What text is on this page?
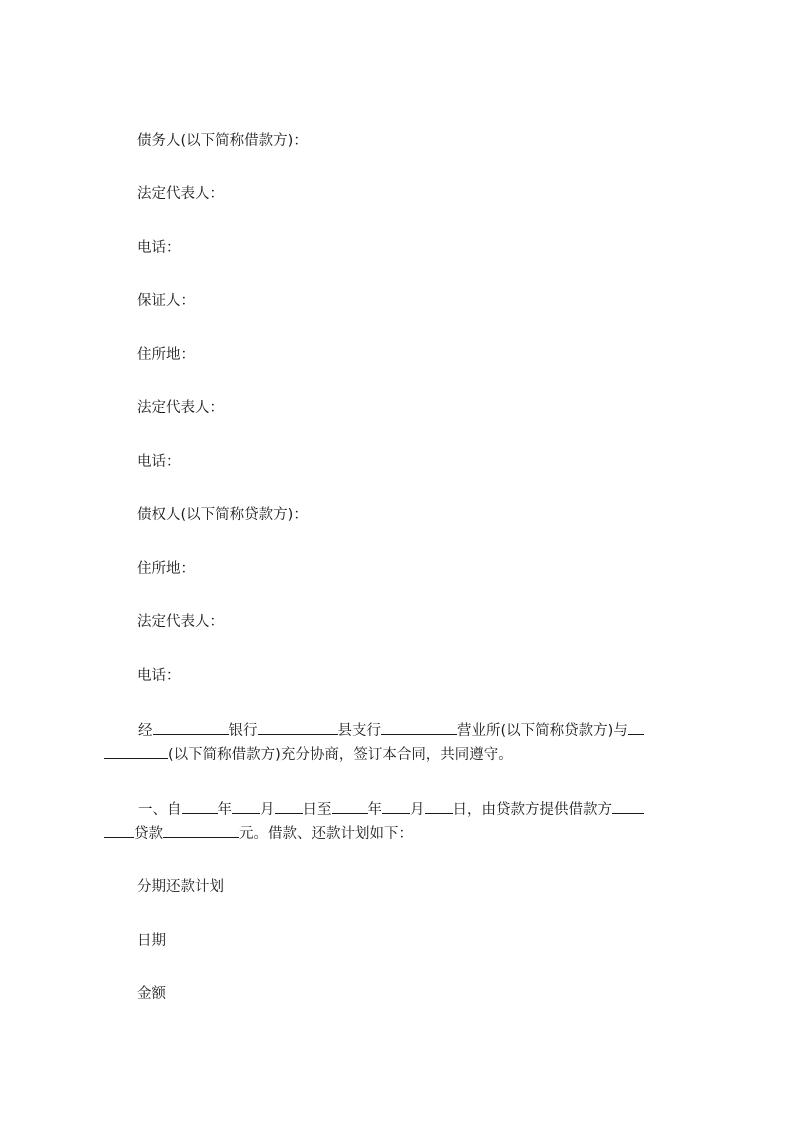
债务人(以下简称借款方)：
法定代表人：
电话：
保证人：
住所地：
法定代表人：
电话：
债权人(以下简称贷款方)：
住所地：
法定代表人：
电话：
经	银行	县支行	营业所(以下简称贷款方)与
(以下简称借款方)充分协商，签订本合同，共同遵守。
一、自 年 月 日至 年 月 日，由贷款方提供借款方
贷款	元。借款、还款计划如下：
分期还款计划
日期
金额
